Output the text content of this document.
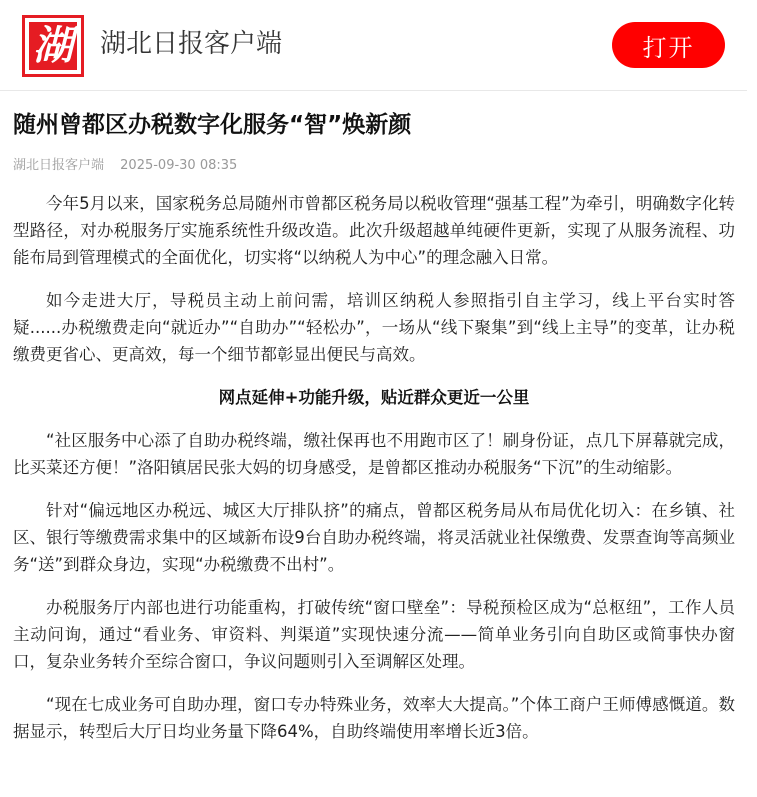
湖 湖北日报客户端	打开
随州曾都区办税数字化服务“智”焕新颜
湖北日报客户端 2025-09-30 08:35

今年5月以来，国家税务总局随州市曾都区税务局以税收管理“强基工程”为牵引，明确数字化转型路径，对办税服务厅实施系统性升级改造。此次升级超越单纯硬件更新，实现了从服务流程、功能布局到管理模式的全面优化，切实将“以纳税人为中心”的理念融入日常。

如今走进大厅，导税员主动上前问需，培训区纳税人参照指引自主学习，线上平台实时答疑......办税缴费走向“就近办”“自助办”“轻松办”，一场从“线下聚集”到“线上主导”的变革，让办税缴费更省心、更高效，每一个细节都彰显出便民与高效。

网点延伸+功能升级，贴近群众更近一公里

“社区服务中心添了自助办税终端，缴社保再也不用跑市区了！刷身份证，点几下屏幕就完成，比买菜还方便！”洛阳镇居民张大妈的切身感受，是曾都区推动办税服务“下沉”的生动缩影。

针对“偏远地区办税远、城区大厅排队挤”的痛点，曾都区税务局从布局优化切入：在乡镇、社区、银行等缴费需求集中的区域新布设9台自助办税终端，将灵活就业社保缴费、发票查询等高频业务“送”到群众身边，实现“办税缴费不出村”。

办税服务厅内部也进行功能重构，打破传统“窗口壁垒”：导税预检区成为“总枢纽”，工作人员主动问询，通过“看业务、审资料、判渠道”实现快速分流——简单业务引向自助区或简事快办窗口，复杂业务转介至综合窗口，争议问题则引入至调解区处理。

“现在七成业务可自助办理，窗口专办特殊业务，效率大大提高。”个体工商户王师傅感慨道。数据显示，转型后大厅日均业务量下降64%，自助终端使用率增长近3倍。
